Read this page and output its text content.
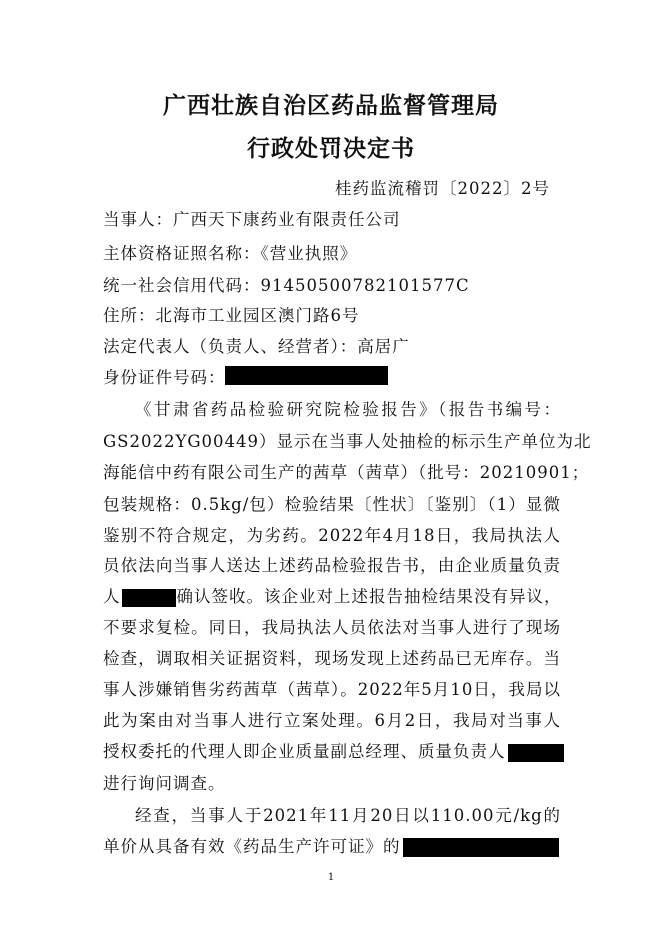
广西壮族自治区药品监督管理局
行政处罚决定书
桂药监流稽罚〔2022〕2号
当事人：广西天下康药业有限责任公司
主体资格证照名称：《营业执照》
统一社会信用代码：91450500782101577C
住所：北海市工业园区澳门路6号
法定代表人（负责人、经营者）：高居广
身份证件号码：
《甘肃省药品检验研究院检验报告》（报告书编号：
GS2022YG00449）显示在当事人处抽检的标示生产单位为北
海能信中药有限公司生产的茜草（茜草）（批号：20210901；
包装规格：0.5kg/包）检验结果〔性状〕〔鉴别〕（1）显微
鉴别不符合规定，为劣药。2022年4月18日，我局执法人
员依法向当事人送达上述药品检验报告书，由企业质量负责
人	确认签收。该企业对上述报告抽检结果没有异议，
不要求复检。同日，我局执法人员依法对当事人进行了现场
检查，调取相关证据资料，现场发现上述药品已无库存。当
事人涉嫌销售劣药茜草（茜草）。2022年5月10日，我局以
此为案由对当事人进行立案处理。6月2日，我局对当事人
授权委托的代理人即企业质量副总经理、质量负责人
进行询问调查。
经查，当事人于2021年11月20日以110.00元/kg的
单价从具备有效《药品生产许可证》的
1
